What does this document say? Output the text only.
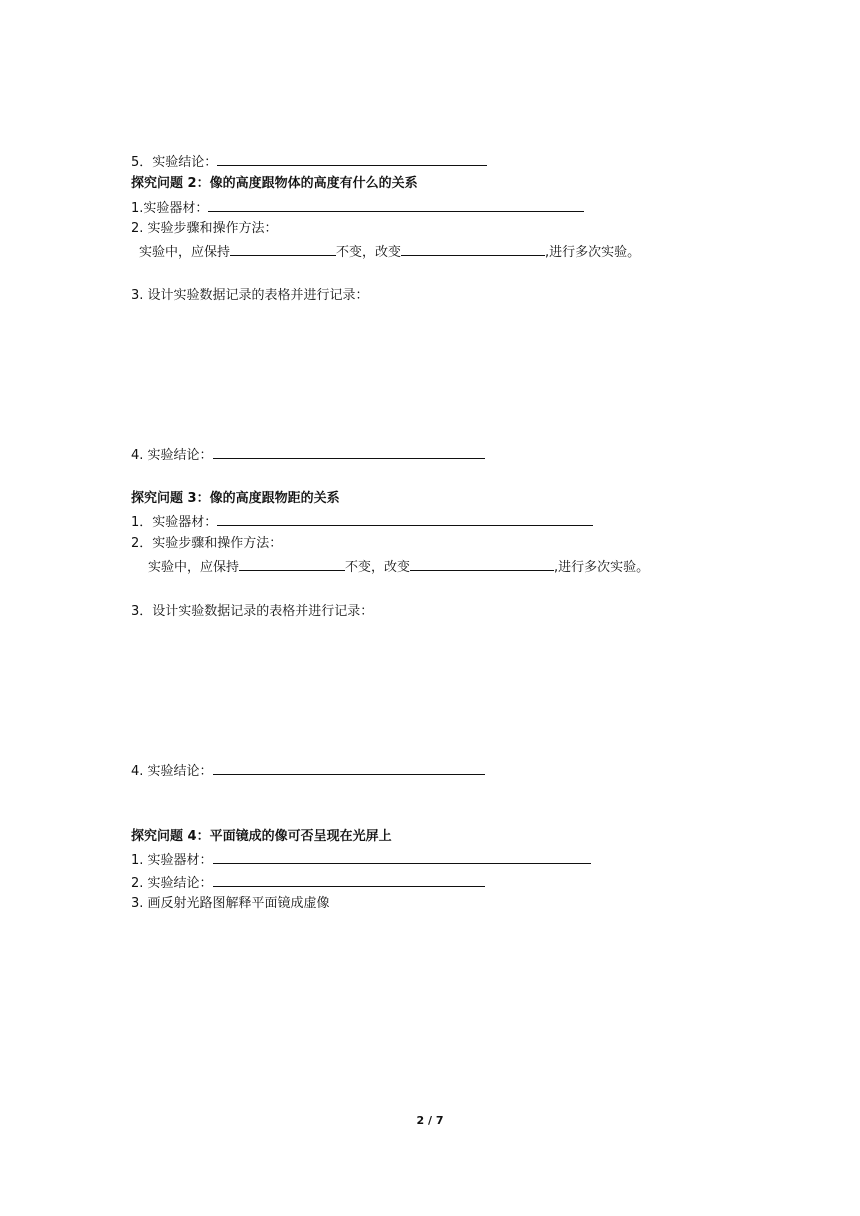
5．实验结论：
探究问题 2：像的高度跟物体的高度有什么的关系
1.实验器材：
2. 实验步骤和操作方法：
实验中，应保持	不变，改变	,进行多次实验。
3. 设计实验数据记录的表格并进行记录：
4. 实验结论：
探究问题 3：像的高度跟物距的关系
1．实验器材：
2．实验步骤和操作方法：
实验中，应保持	不变，改变	,进行多次实验。
3．设计实验数据记录的表格并进行记录：
4. 实验结论：
探究问题 4：平面镜成的像可否呈现在光屏上
1. 实验器材：
2. 实验结论：
3. 画反射光路图解释平面镜成虚像
2 / 7
